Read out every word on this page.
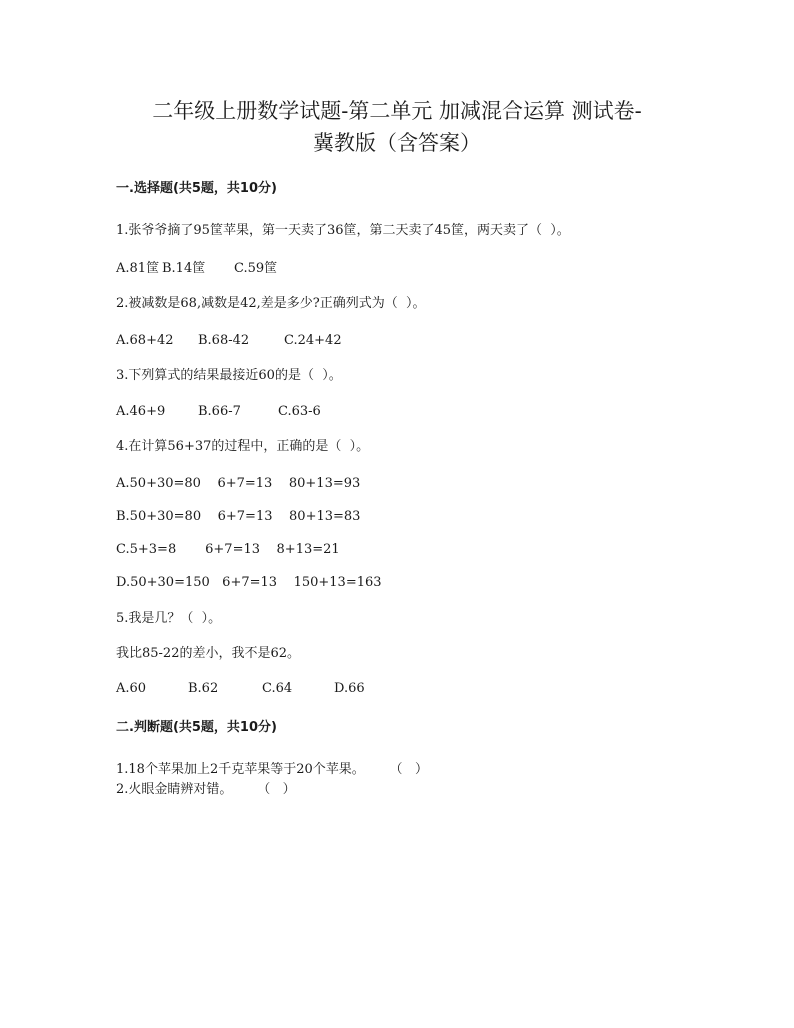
二年级上册数学试题-第二单元 加减混合运算 测试卷-
冀教版（含答案）
一.选择题(共5题，共10分)
1.张爷爷摘了95筐苹果，第一天卖了36筐，第二天卖了45筐，两天卖了（  ）。
A.81筐 B.14筐	C.59筐
2.被减数是68,减数是42,差是多少?正确列式为（  ）。
A.68+42	B.68-42	C.24+42
3.下列算式的结果最接近60的是（  ）。
A.46+9	B.66-7	C.63-6
4.在计算56+37的过程中，正确的是（  ）。
A.50+30=80    6+7=13    80+13=93
B.50+30=80    6+7=13    80+13=83
C.5+3=8       6+7=13    8+13=21
D.50+30=150   6+7=13    150+13=163
5.我是几？（  ）。
我比85-22的差小，我不是62。
A.60	B.62	C.64	D.66
二.判断题(共5题，共10分)
1.18个苹果加上2千克苹果等于20个苹果。      （   ）
2.火眼金睛辨对错。      （   ）
